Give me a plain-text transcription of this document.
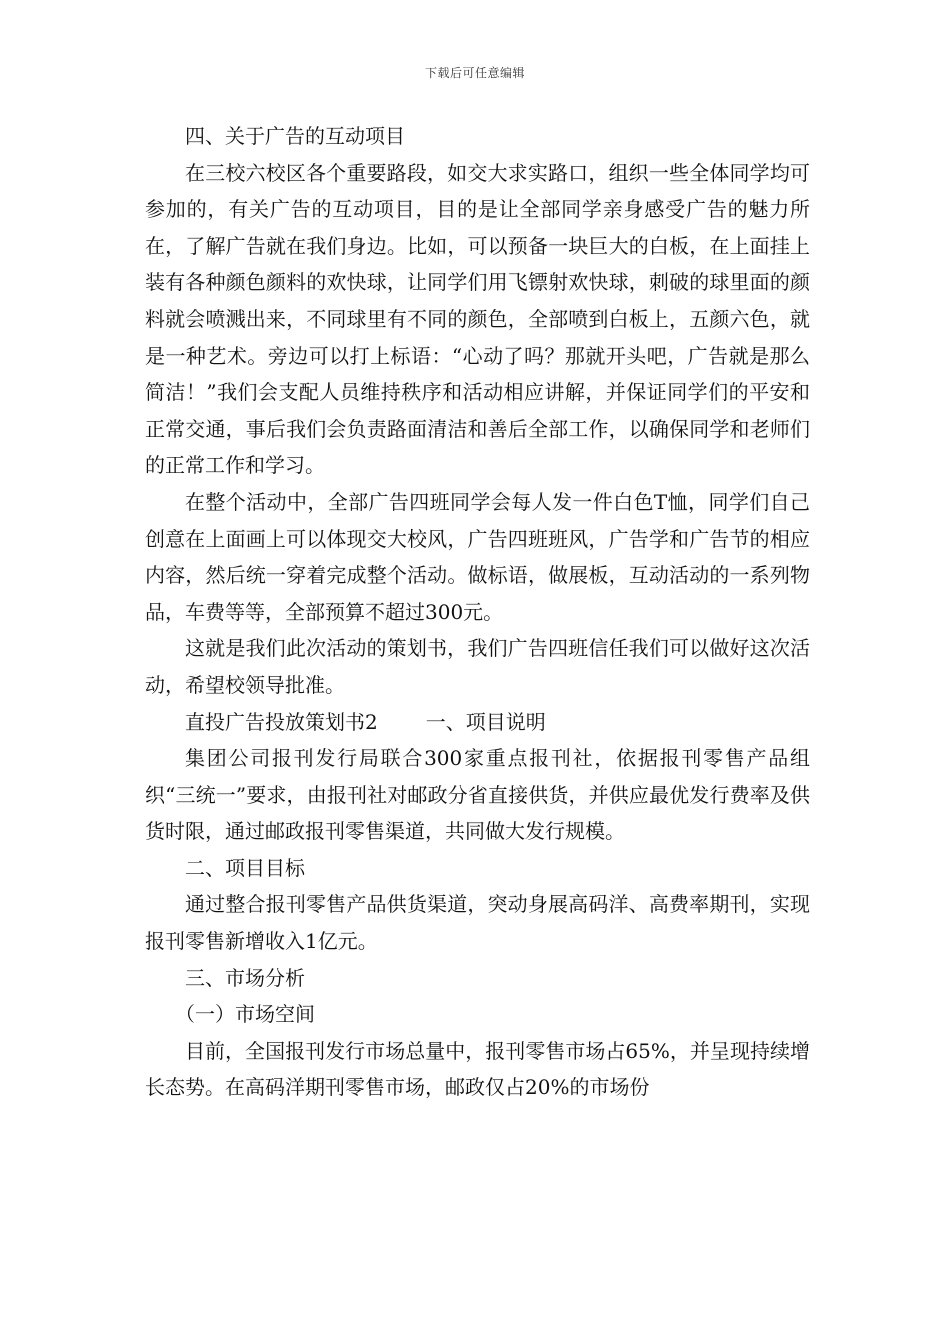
下载后可任意编辑

四、关于广告的互动项目

在三校六校区各个重要路段，如交大求实路口，组织一些全体同学均可参加的，有关广告的互动项目，目的是让全部同学亲身感受广告的魅力所在，了解广告就在我们身边。比如，可以预备一块巨大的白板，在上面挂上装有各种颜色颜料的欢快球，让同学们用飞镖射欢快球，刺破的球里面的颜料就会喷溅出来，不同球里有不同的颜色，全部喷到白板上，五颜六色，就是一种艺术。旁边可以打上标语：“心动了吗？那就开头吧，广告就是那么简洁！”我们会支配人员维持秩序和活动相应讲解，并保证同学们的平安和正常交通，事后我们会负责路面清洁和善后全部工作，以确保同学和老师们的正常工作和学习。

在整个活动中，全部广告四班同学会每人发一件白色T恤，同学们自己创意在上面画上可以体现交大校风，广告四班班风，广告学和广告节的相应内容，然后统一穿着完成整个活动。做标语，做展板，互动活动的一系列物品，车费等等，全部预算不超过300元。

这就是我们此次活动的策划书，我们广告四班信任我们可以做好这次活动，希望校领导批准。

直投广告投放策划书2 一、项目说明

集团公司报刊发行局联合300家重点报刊社，依据报刊零售产品组织“三统一”要求，由报刊社对邮政分省直接供货，并供应最优发行费率及供货时限，通过邮政报刊零售渠道，共同做大发行规模。

二、项目目标

通过整合报刊零售产品供货渠道，突动身展高码洋、高费率期刊，实现报刊零售新增收入1亿元。

三、市场分析

（一）市场空间

目前，全国报刊发行市场总量中，报刊零售市场占65%，并呈现持续增长态势。在高码洋期刊零售市场，邮政仅占20%的市场份
